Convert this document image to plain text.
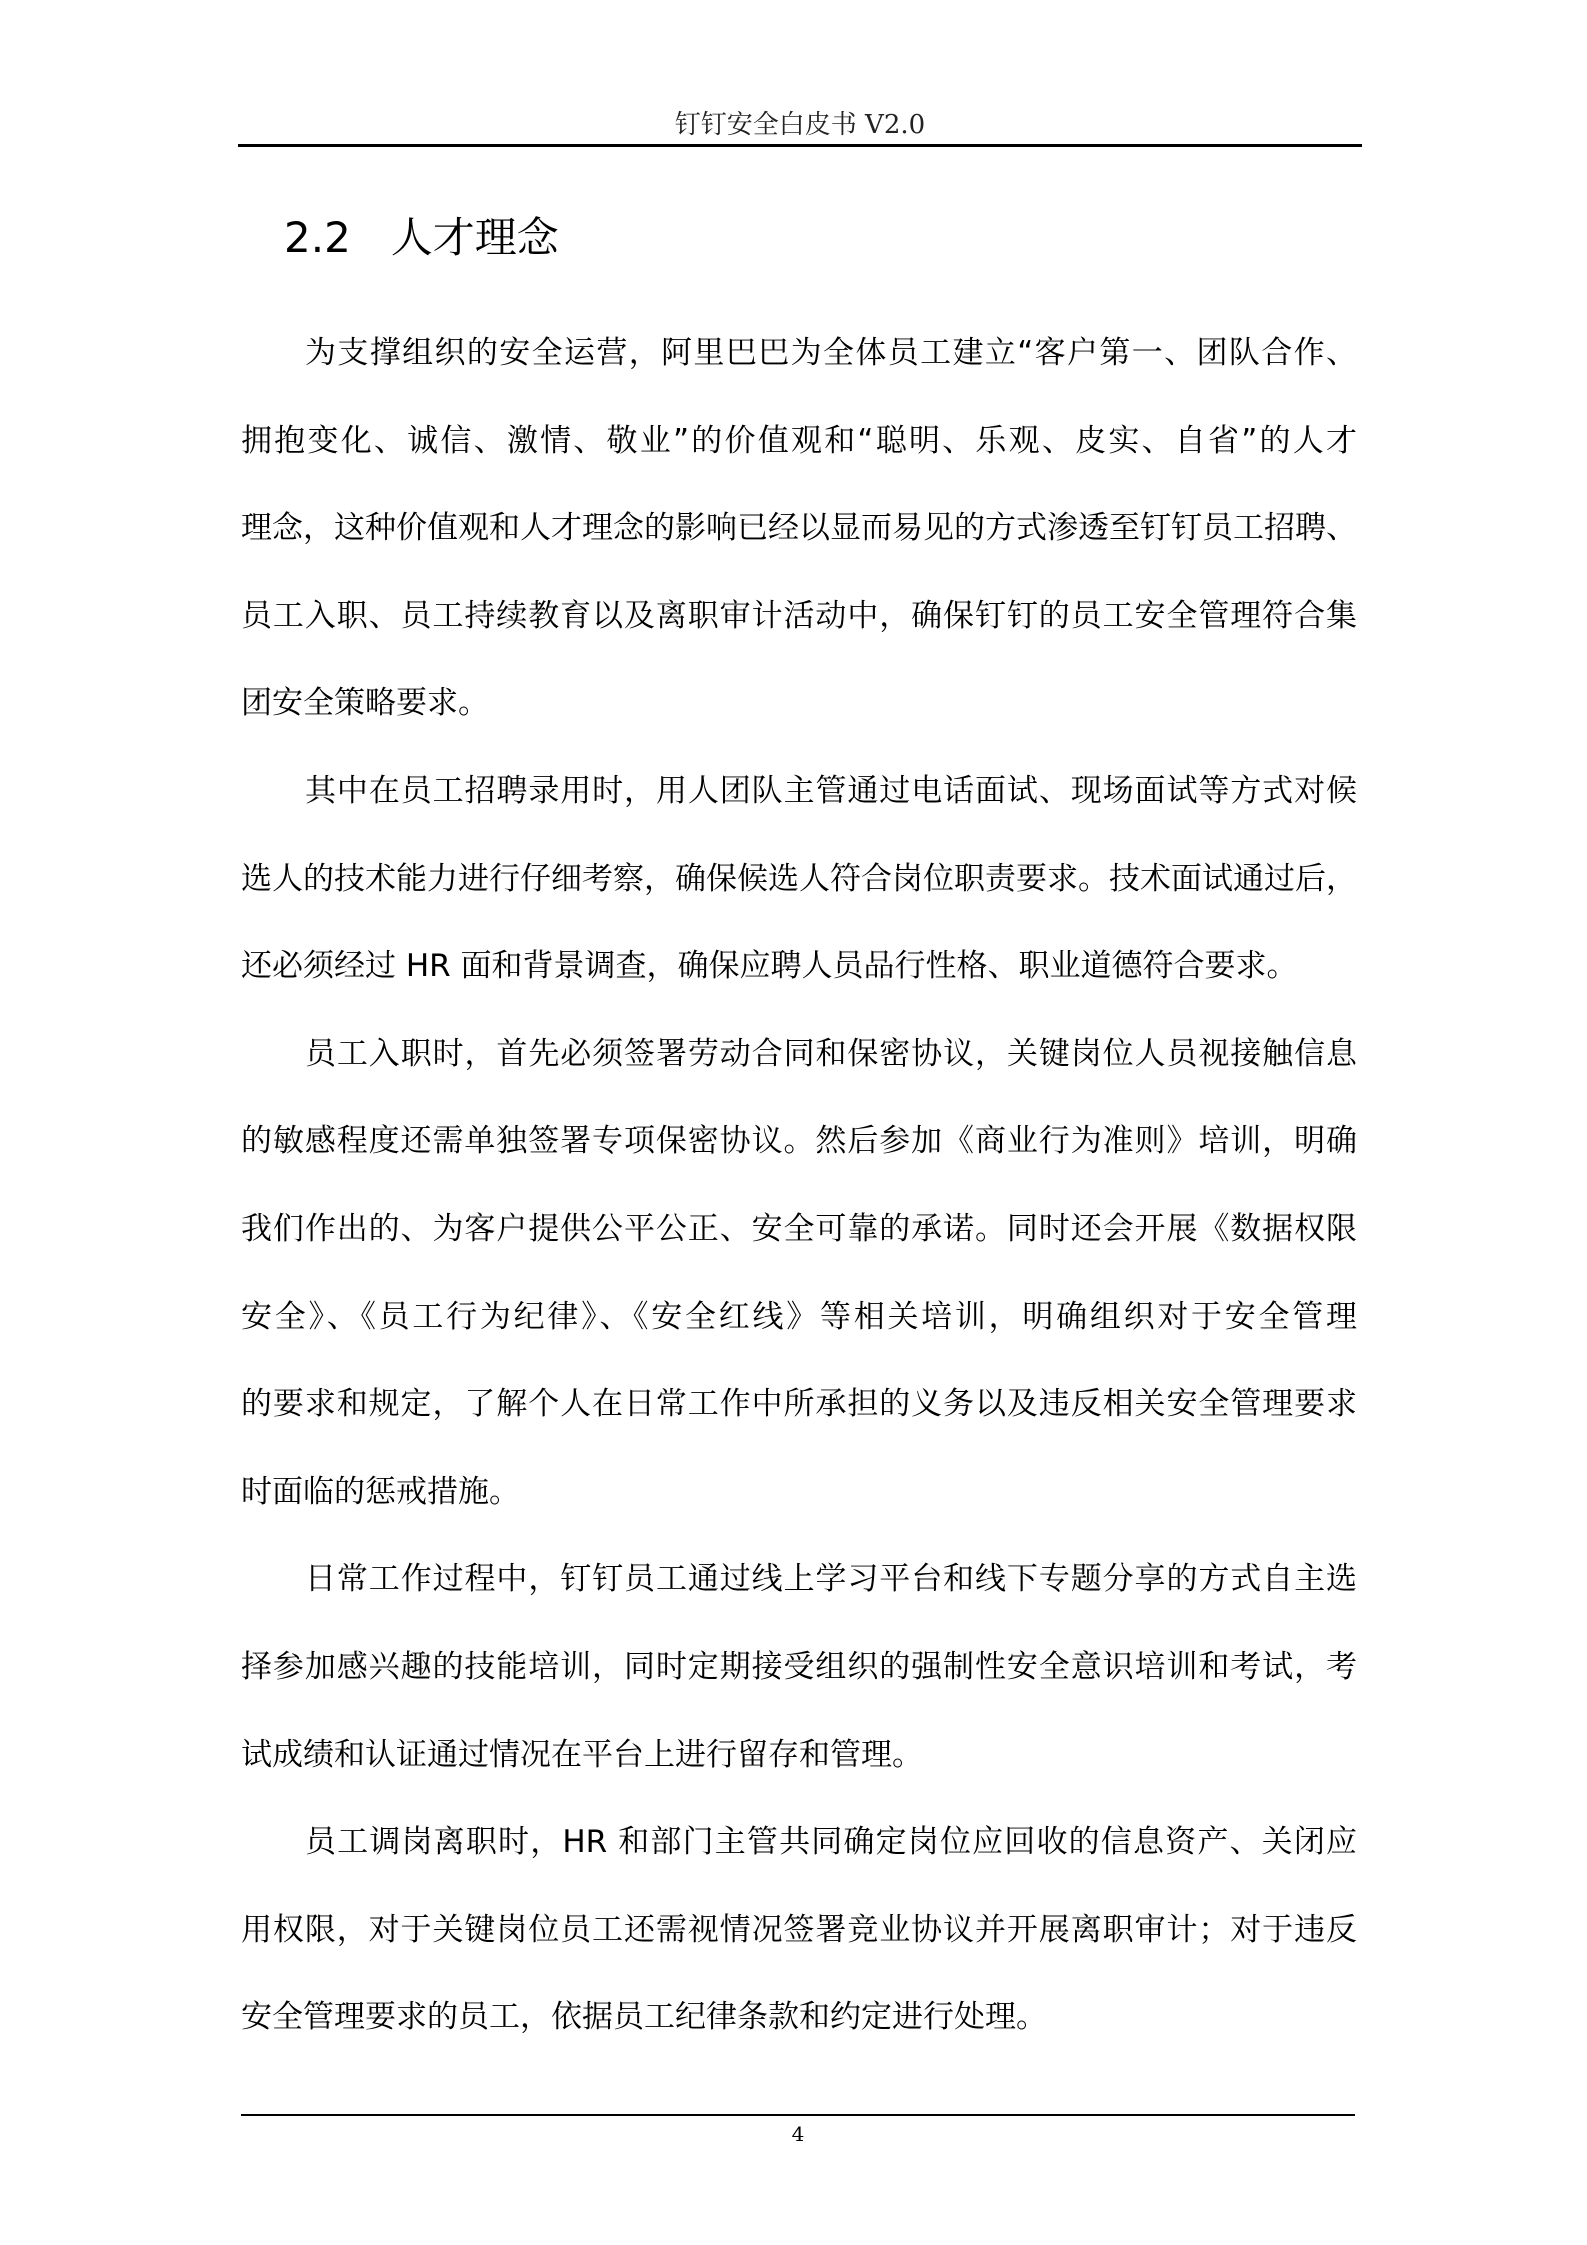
钉钉安全白皮书 V2.0
2.2 人才理念
为支撑组织的安全运营，阿里巴巴为全体员工建立“客户第一、团队合作、
拥抱变化、诚信、激情、敬业”的价值观和“聪明、乐观、皮实、自省”的人才
理念，这种价值观和人才理念的影响已经以显而易见的方式渗透至钉钉员工招聘、
员工入职、员工持续教育以及离职审计活动中，确保钉钉的员工安全管理符合集
团安全策略要求。
其中在员工招聘录用时，用人团队主管通过电话面试、现场面试等方式对候
选人的技术能力进行仔细考察，确保候选人符合岗位职责要求。技术面试通过后，
还必须经过 HR 面和背景调查，确保应聘人员品行性格、职业道德符合要求。
员工入职时，首先必须签署劳动合同和保密协议，关键岗位人员视接触信息
的敏感程度还需单独签署专项保密协议。然后参加《商业行为准则》培训，明确
我们作出的、为客户提供公平公正、安全可靠的承诺。同时还会开展《数据权限
安全》、《员工行为纪律》、《安全红线》等相关培训，明确组织对于安全管理
的要求和规定，了解个人在日常工作中所承担的义务以及违反相关安全管理要求
时面临的惩戒措施。
日常工作过程中，钉钉员工通过线上学习平台和线下专题分享的方式自主选
择参加感兴趣的技能培训，同时定期接受组织的强制性安全意识培训和考试，考
试成绩和认证通过情况在平台上进行留存和管理。
员工调岗离职时，HR 和部门主管共同确定岗位应回收的信息资产、关闭应
用权限，对于关键岗位员工还需视情况签署竞业协议并开展离职审计；对于违反
安全管理要求的员工，依据员工纪律条款和约定进行处理。
4
